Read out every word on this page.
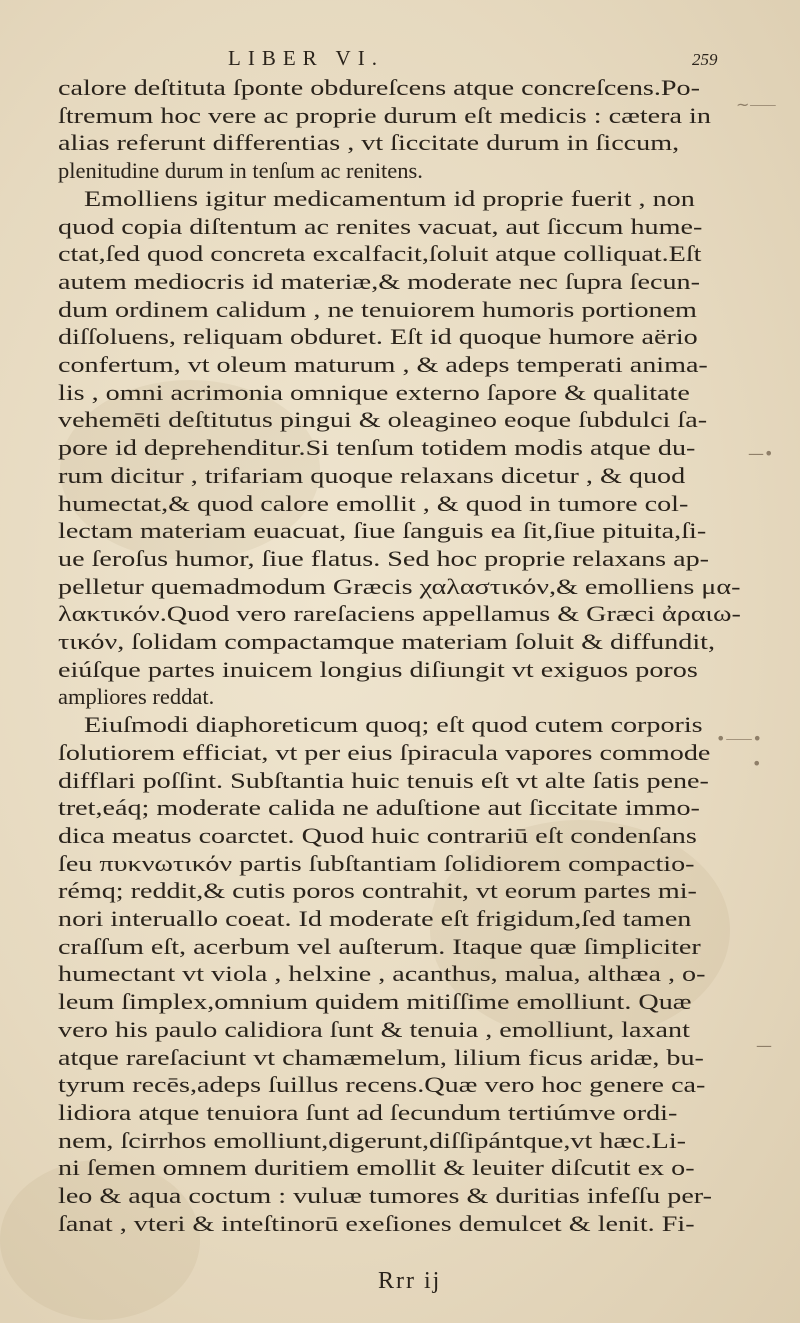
LIBER VI.	259
calore deſtituta ſponte obdureſcens atque concreſcens.Po-
ſtremum hoc vere ac proprie durum eſt medicis : cætera in
alias referunt differentias , vt ſiccitate durum in ſiccum,
plenitudine durum in tenſum ac renitens.
Emolliens igitur medicamentum id proprie fuerit , non
quod copia diſtentum ac renites vacuat, aut ſiccum hume-
ctat,ſed quod concreta excalfacit,ſoluit atque colliquat.Eſt
autem mediocris id materiæ,& moderate nec ſupra ſecun-
dum ordinem calidum , ne tenuiorem humoris portionem
diſſoluens, reliquam obduret. Eſt id quoque humore aërio
confertum, vt oleum maturum , & adeps temperati anima-
lis , omni acrimonia omnique externo ſapore & qualitate
vehemēti deſtitutus pingui & oleagineo eoque ſubdulci ſa-
pore id deprehenditur.Si tenſum totidem modis atque du-
rum dicitur , trifariam quoque relaxans dicetur , & quod
humectat,& quod calore emollit , & quod in tumore col-
lectam materiam euacuat, ſiue ſanguis ea ſit,ſiue pituita,ſi-
ue ſeroſus humor, ſiue flatus. Sed hoc proprie relaxans ap-
pelletur quemadmodum Græcis χαλαστικόν,& emolliens μα-
λακτικόν.Quod vero rareſaciens appellamus & Græci ἀραιω-
τικόν, ſolidam compactamque materiam ſoluit & diffundit,
eiúſque partes inuicem longius diſiungit vt exiguos poros
ampliores reddat.
Eiuſmodi diaphoreticum quoq; eſt quod cutem corporis
ſolutiorem efficiat, vt per eius ſpiracula vapores commode
difflari poſſint. Subſtantia huic tenuis eſt vt alte ſatis pene-
tret,eáq; moderate calida ne aduſtione aut ſiccitate immo-
dica meatus coarctet. Quod huic contrariū eſt condenſans
ſeu πυκνωτικόν partis ſubſtantiam ſolidiorem compactio-
rémq; reddit,& cutis poros contrahit, vt eorum partes mi-
nori interuallo coeat. Id moderate eſt frigidum,ſed tamen
craſſum eſt, acerbum vel auſterum. Itaque quæ ſimpliciter
humectant vt viola , helxine , acanthus, malua, althæa , o-
leum ſimplex,omnium quidem mitiſſime emolliunt. Quæ
vero his paulo calidiora ſunt & tenuia , emolliunt, laxant
atque rareſaciunt vt chamæmelum, lilium ficus aridæ, bu-
tyrum recēs,adeps ſuillus recens.Quæ vero hoc genere ca-
lidiora atque tenuiora ſunt ad ſecundum tertiúmve ordi-
nem, ſcirrhos emolliunt,digerunt,diſſipántque,vt hæc.Li-
ni ſemen omnem duritiem emollit & leuiter diſcutit ex o-
leo & aqua coctum : vuluæ tumores & duritias infeſſu per-
ſanat , vteri & inteſtinorū exeſiones demulcet & lenit. Fi-
~⸺
—•
•⸺•
•
—
Rrr ij
